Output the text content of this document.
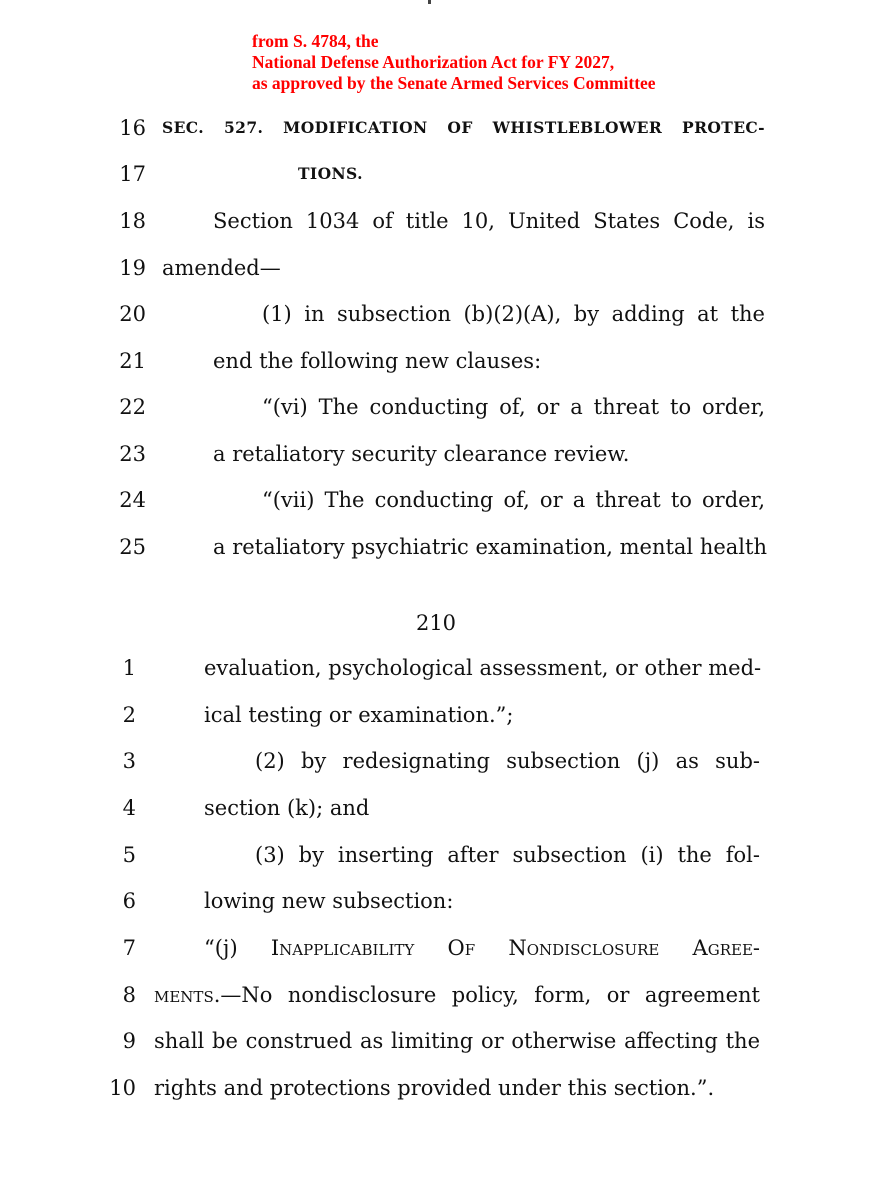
from S. 4784, the
National Defense Authorization Act for FY 2027,
as approved by the Senate Armed Services Committee
16 SEC. 527. MODIFICATION OF WHISTLEBLOWER PROTEC-
17	TIONS.
18	Section 1034 of title 10, United States Code, is
19 amended—
20	(1) in subsection (b)(2)(A), by adding at the
21	end the following new clauses:
22	“(vi) The conducting of, or a threat to order,
23	a retaliatory security clearance review.
24	“(vii) The conducting of, or a threat to order,
25	a retaliatory psychiatric examination, mental health
210
1	evaluation, psychological assessment, or other med-
2	ical testing or examination.”;
3	(2) by redesignating subsection (j) as sub-
4	section (k); and
5	(3) by inserting after subsection (i) the fol-
6	lowing new subsection:
7	“(j) INAPPLICABILITY OF NONDISCLOSURE AGREE-
8 MENTS.—No nondisclosure policy, form, or agreement
9 shall be construed as limiting or otherwise affecting the
10 rights and protections provided under this section.”.
